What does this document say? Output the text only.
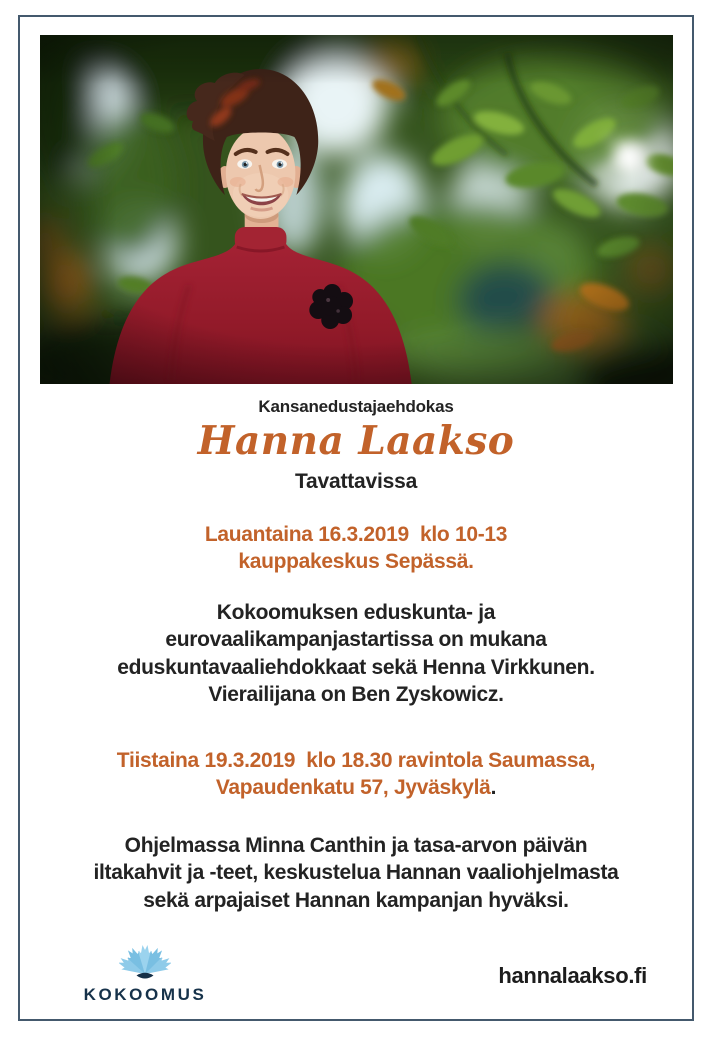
Kansanedustajaehdokas
Hanna Laakso
Tavattavissa
Lauantaina 16.3.2019  klo 10-13
kauppakeskus Sepässä.
Kokoomuksen eduskunta- ja
eurovaalikampanjastartissa on mukana
eduskuntavaaliehdokkaat sekä Henna Virkkunen.
Vierailijana on Ben Zyskowicz.
Tiistaina 19.3.2019  klo 18.30 ravintola Saumassa,
Vapaudenkatu 57, Jyväskylä.
Ohjelmassa Minna Canthin ja tasa-arvon päivän
iltakahvit ja -teet, keskustelua Hannan vaaliohjelmasta
sekä arpajaiset Hannan kampanjan hyväksi.
KOKOOMUS
hannalaakso.fi
